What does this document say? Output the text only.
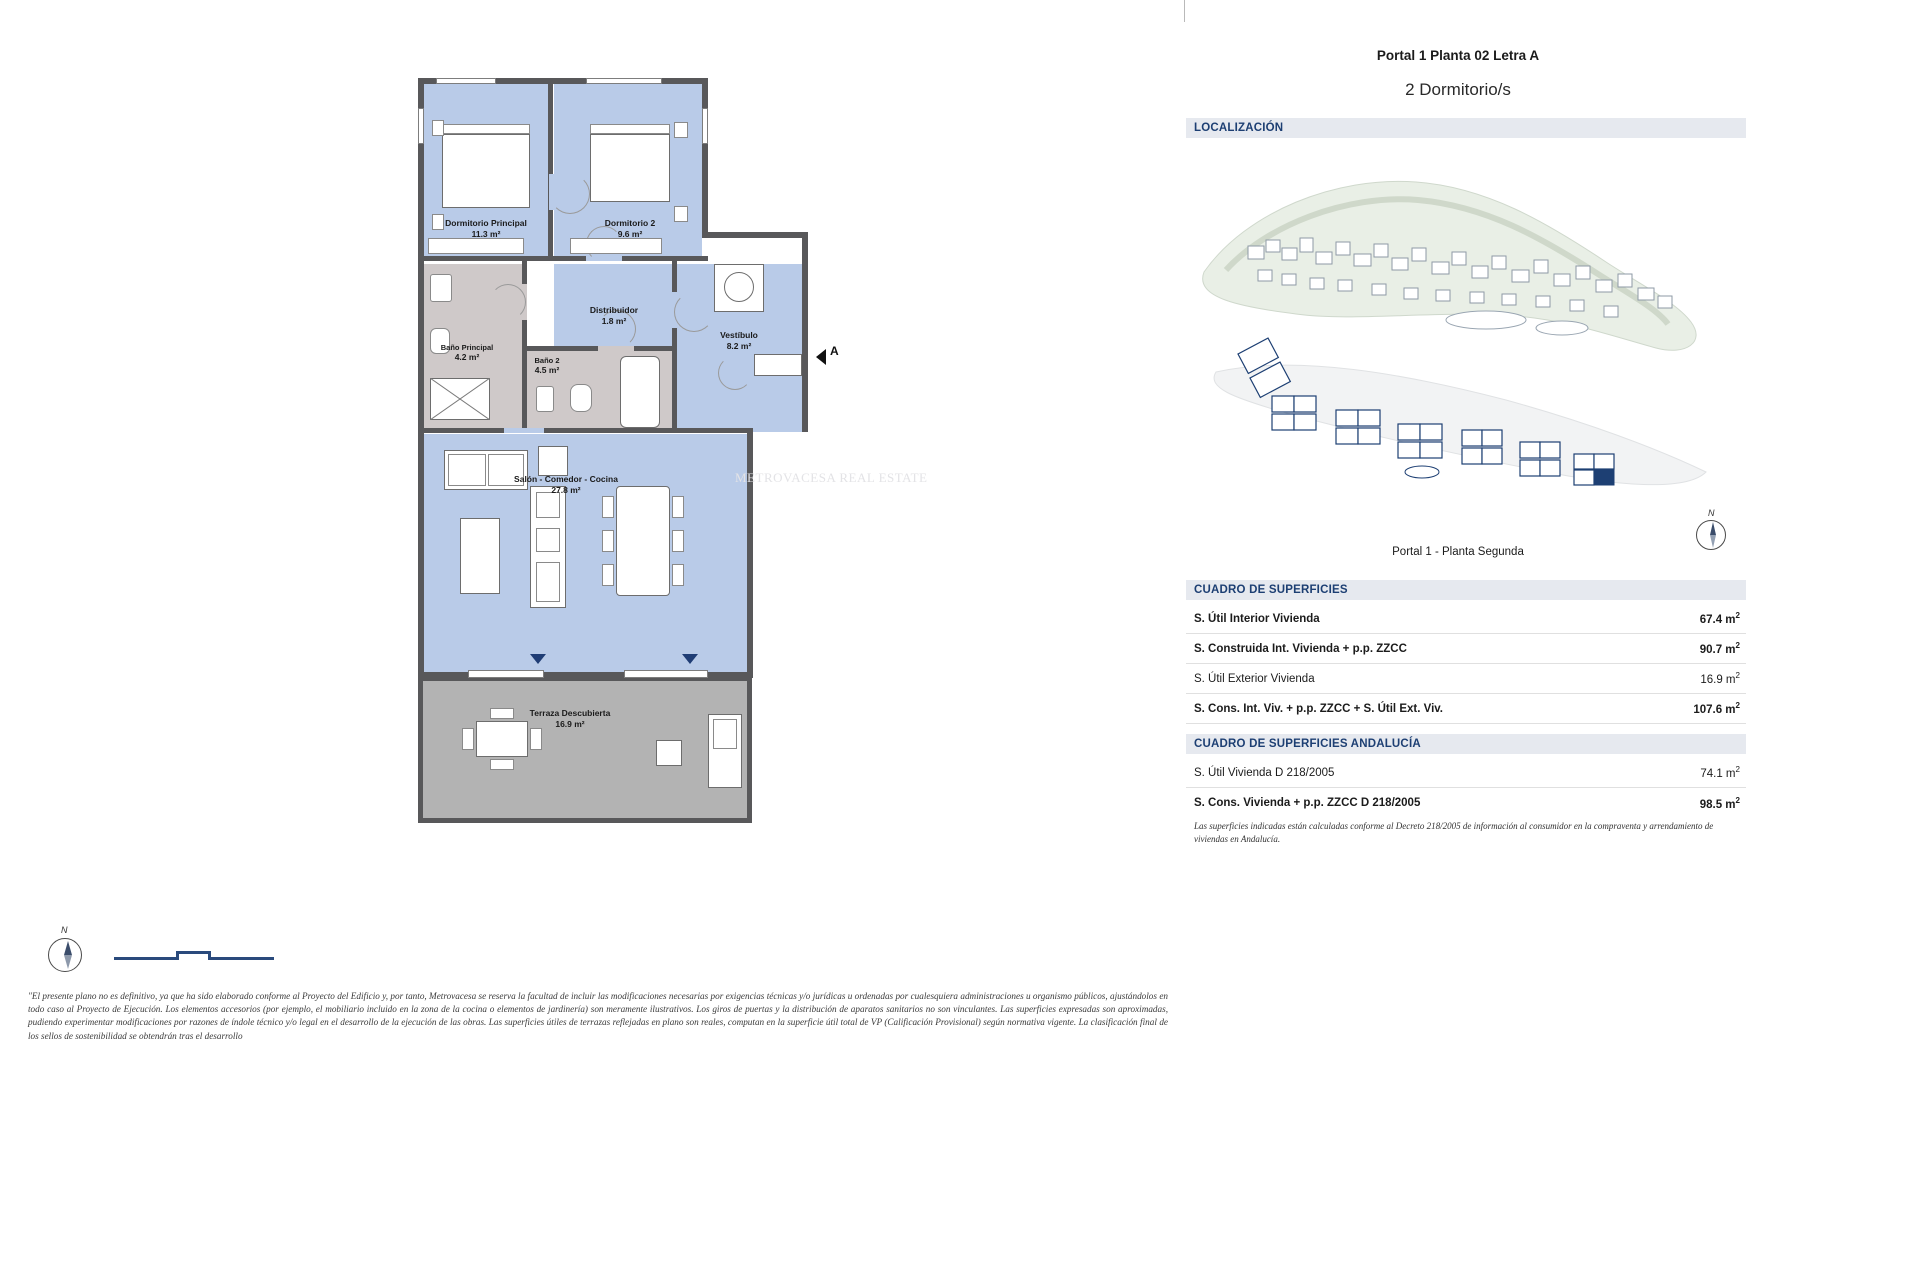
Terraza Descubierta
16.9 m²
A
Dormitorio Principal
11.3 m²
Dormitorio 2
9.6 m²
Distribuidor
1.8 m²
Vestíbulo
8.2 m²
Baño Principal
4.2 m²	Baño 2
4.5 m²
Salón - Comedor - Cocina
27.8 m²
METROVACESA REAL ESTATE
N
"El presente plano no es definitivo, ya que ha sido elaborado conforme al Proyecto del Edificio y, por tanto, Metrovacesa se reserva la facultad de incluir las modificaciones necesarias por exigencias técnicas y/o jurídicas u ordenadas por cualesquiera administraciones u organismo públicos, ajustándolos en todo caso al Proyecto de Ejecución. Los elementos accesorios (por ejemplo, el mobiliario incluido en la zona de la cocina o elementos de jardinería) son meramente ilustrativos. Los giros de puertas y la distribución de aparatos sanitarios no son vinculantes. Las superficies expresadas son aproximadas, pudiendo experimentar modificaciones por razones de índole técnico y/o legal en el desarrollo de la ejecución de las obras. Las superficies útiles de terrazas reflejadas en plano son reales, computan en la superficie útil total de VP (Calificación Provisional) según normativa vigente. La clasificación final de los sellos de sostenibilidad se obtendrán tras el desarrollo
Portal 1 Planta 02 Letra A
2 Dormitorio/s
LOCALIZACIÓN
Portal 1 - Planta Segunda
N
CUADRO DE SUPERFICIES
S. Útil Interior Vivienda	67.4 $m^2$
S. Construida Int. Vivienda + p.p. ZZCC	90.7 $m^2$
S. Útil Exterior Vivienda	16.9 $m^2$
S. Cons. Int. Viv. + p.p. ZZCC + S. Útil Ext. Viv.	107.6 $m^2$
CUADRO DE SUPERFICIES ANDALUCÍA
S. Útil Vivienda D 218/2005	74.1 $m^2$
S. Cons. Vivienda + p.p. ZZCC D 218/2005	98.5 $m^2$
Las superficies indicadas están calculadas conforme al Decreto 218/2005 de información al consumidor en la compraventa y arrendamiento de viviendas en Andalucía.
